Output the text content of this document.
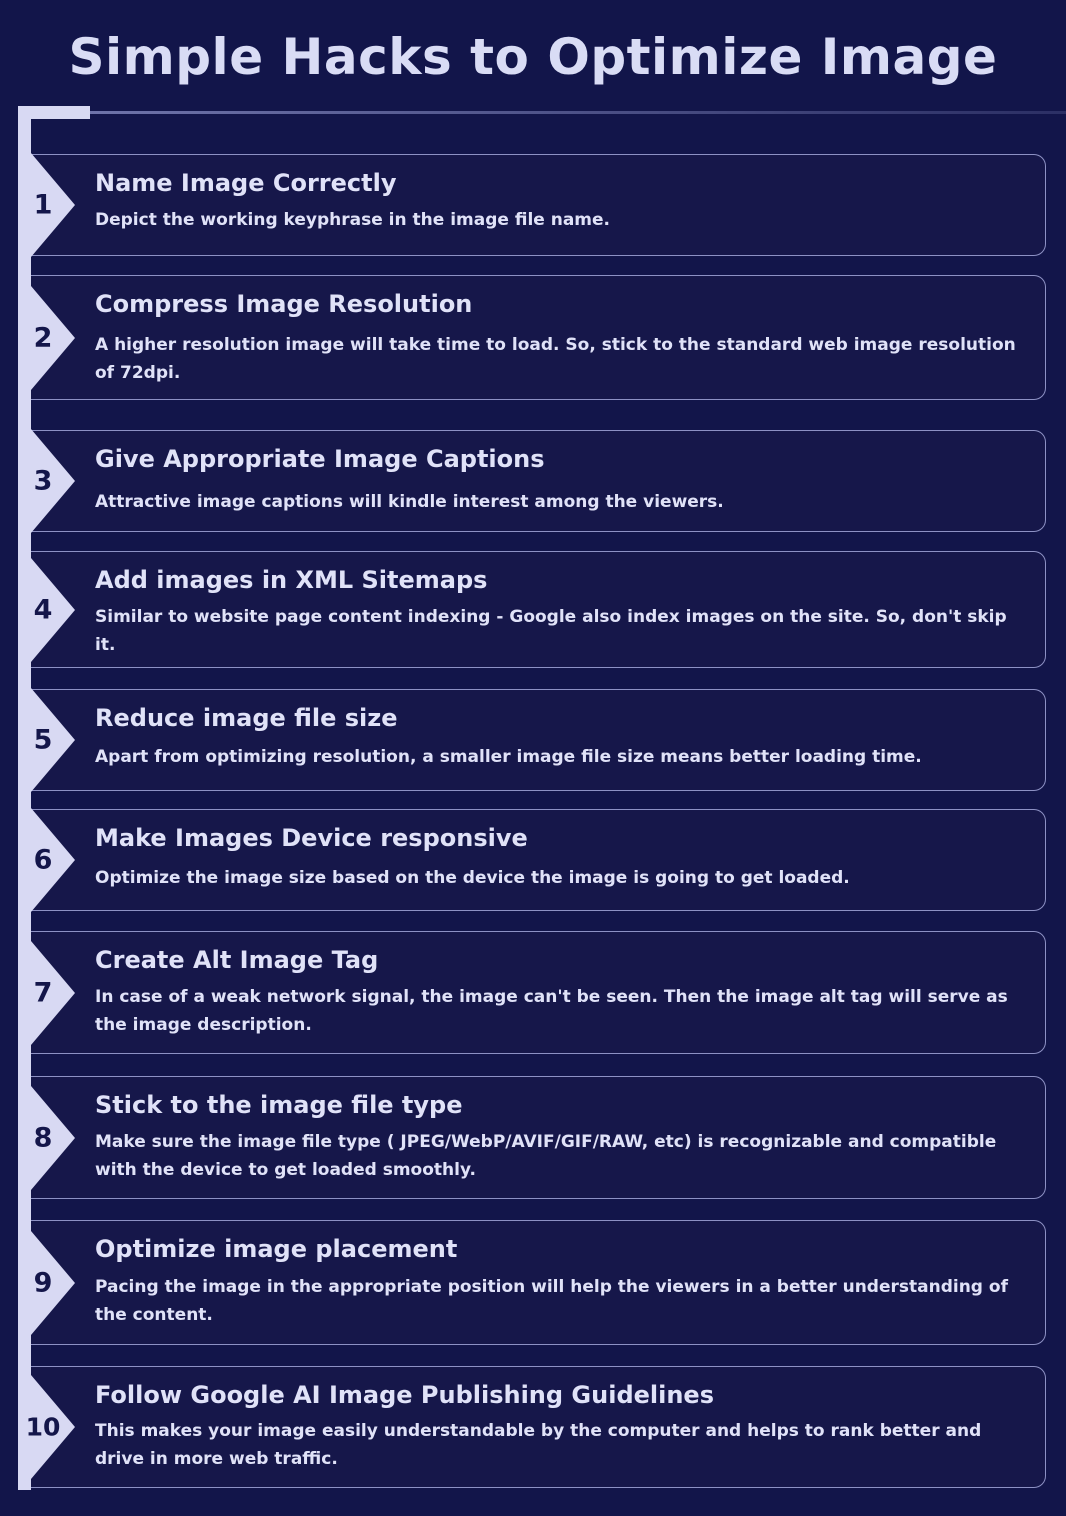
Simple Hacks to Optimize Image
1
Name Image Correctly

Depict the working keyphrase in the image file name.

2
Compress Image Resolution

A higher resolution image will take time to load. So, stick to the standard web image resolution of 72dpi.

3
Give Appropriate Image Captions

Attractive image captions will kindle interest among the viewers.

4
Add images in XML Sitemaps

Similar to website page content indexing - Google also index images on the site. So, don't skip it.

5
Reduce image file size

Apart from optimizing resolution, a smaller image file size means better loading time.

6
Make Images Device responsive

Optimize the image size based on the device the image is going to get loaded.

7
Create Alt Image Tag

In case of a weak network signal, the image can't be seen. Then the image alt tag will serve as the image description.

8
Stick to the image file type

Make sure the image file type ( JPEG/WebP/AVIF/GIF/RAW, etc) is recognizable and compatible with the device to get loaded smoothly.

9
Optimize image placement

Pacing the image in the appropriate position will help the viewers in a better understanding of the content.

10
Follow Google AI Image Publishing Guidelines

This makes your image easily understandable by the computer and helps to rank better and drive in more web traffic.
